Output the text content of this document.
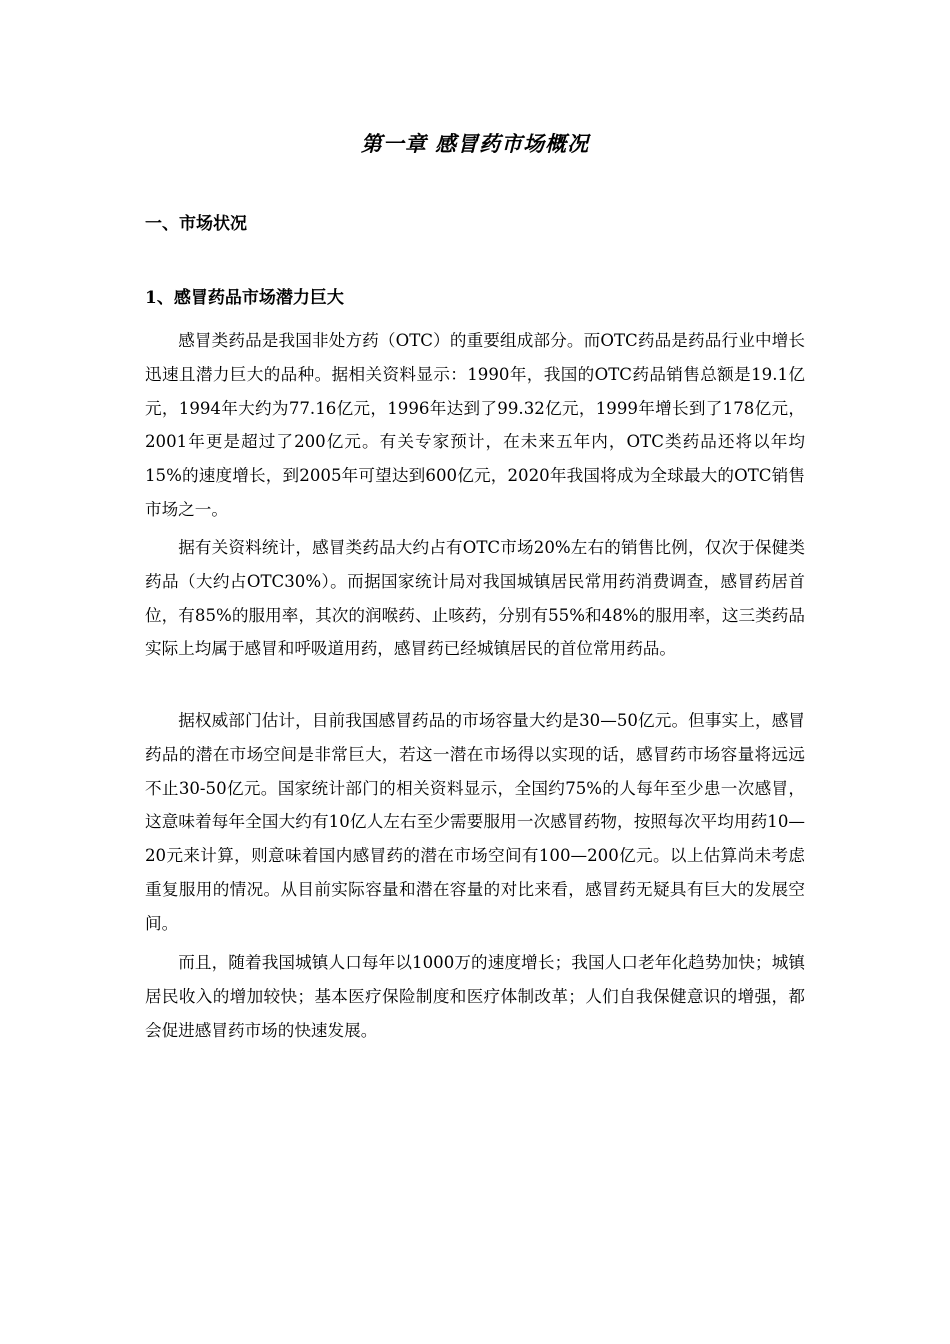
第一章 感冒药市场概况
一、市场状况
1、感冒药品市场潜力巨大

感冒类药品是我国非处方药（OTC）的重要组成部分。而OTC药品是药品行业中增长迅速且潜力巨大的品种。据相关资料显示：1990年，我国的OTC药品销售总额是19.1亿元，1994年大约为77.16亿元，1996年达到了99.32亿元，1999年增长到了178亿元，2001年更是超过了200亿元。有关专家预计，在未来五年内，OTC类药品还将以年均15%的速度增长，到2005年可望达到600亿元，2020年我国将成为全球最大的OTC销售市场之一。

据有关资料统计，感冒类药品大约占有OTC市场20%左右的销售比例，仅次于保健类药品（大约占OTC30%）。而据国家统计局对我国城镇居民常用药消费调查，感冒药居首位，有85%的服用率，其次的润喉药、止咳药，分别有55%和48%的服用率，这三类药品实际上均属于感冒和呼吸道用药，感冒药已经城镇居民的首位常用药品。

据权威部门估计，目前我国感冒药品的市场容量大约是30—50亿元。但事实上，感冒药品的潜在市场空间是非常巨大，若这一潜在市场得以实现的话，感冒药市场容量将远远不止30-50亿元。国家统计部门的相关资料显示，全国约75%的人每年至少患一次感冒，这意味着每年全国大约有10亿人左右至少需要服用一次感冒药物，按照每次平均用药10—20元来计算，则意味着国内感冒药的潜在市场空间有100—200亿元。以上估算尚未考虑重复服用的情况。从目前实际容量和潜在容量的对比来看，感冒药无疑具有巨大的发展空间。

而且，随着我国城镇人口每年以1000万的速度增长；我国人口老年化趋势加快；城镇居民收入的增加较快；基本医疗保险制度和医疗体制改革；人们自我保健意识的增强，都会促进感冒药市场的快速发展。
